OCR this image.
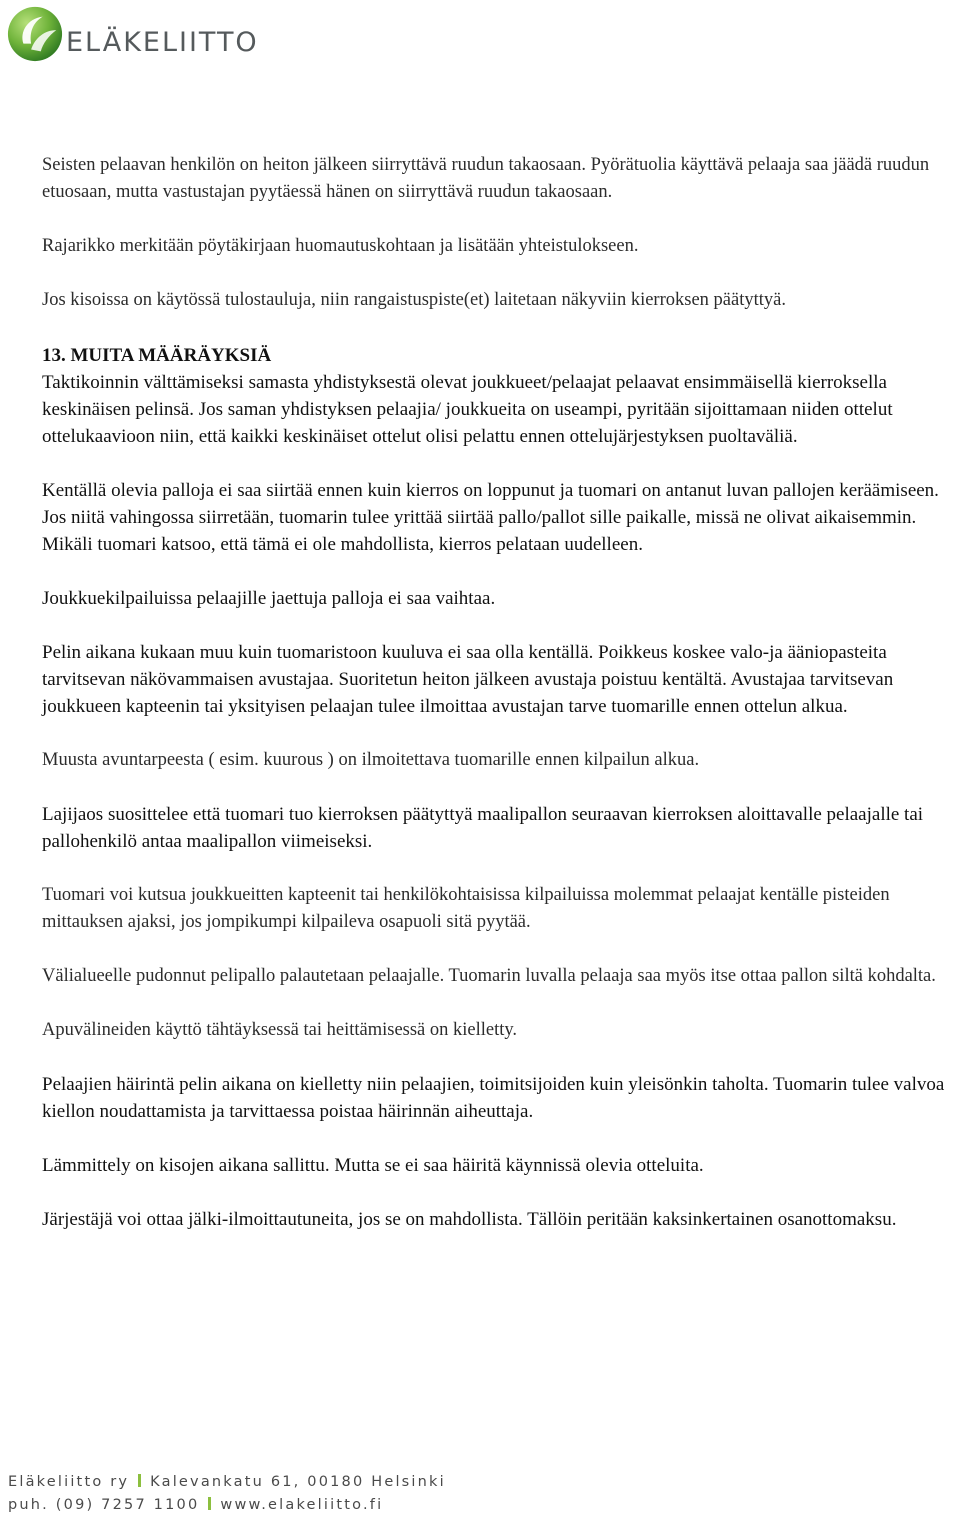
ELÄKELIITTO

Seisten pelaavan henkilön on heiton jälkeen siirryttävä ruudun takaosaan. Pyörätuolia käyttävä pelaaja saa jäädä ruudun etuosaan, mutta vastustajan pyytäessä hänen on siirryttävä ruudun takaosaan.

Rajarikko merkitään pöytäkirjaan huomautuskohtaan ja lisätään yhteistulokseen.

Jos kisoissa on käytössä tulostauluja, niin rangaistuspiste(et) laitetaan näkyviin kierroksen päätyttyä.

13. MUITA MÄÄRÄYKSIÄ

Taktikoinnin välttämiseksi samasta yhdistyksestä olevat joukkueet/pelaajat pelaavat ensimmäisellä kierroksella keskinäisen pelinsä. Jos saman yhdistyksen pelaajia/ joukkueita on useampi, pyritään sijoittamaan niiden ottelut ottelukaavioon niin, että kaikki keskinäiset ottelut olisi pelattu ennen ottelujärjestyksen puoltaväliä.

Kentällä olevia palloja ei saa siirtää ennen kuin kierros on loppunut ja tuomari on antanut luvan pallojen keräämiseen. Jos niitä vahingossa siirretään, tuomarin tulee yrittää siirtää pallo/pallot sille paikalle, missä ne olivat aikaisemmin. Mikäli tuomari katsoo, että tämä ei ole mahdollista, kierros pelataan uudelleen.

Joukkuekilpailuissa pelaajille jaettuja palloja ei saa vaihtaa.

Pelin aikana kukaan muu kuin tuomaristoon kuuluva ei saa olla kentällä. Poikkeus koskee valo-ja ääniopasteita tarvitsevan näkövammaisen avustajaa. Suoritetun heiton jälkeen avustaja poistuu kentältä. Avustajaa tarvitsevan joukkueen kapteenin tai yksityisen pelaajan tulee ilmoittaa avustajan tarve tuomarille ennen ottelun alkua.

Muusta avuntarpeesta ( esim. kuurous ) on ilmoitettava tuomarille ennen kilpailun alkua.

Lajijaos suosittelee että tuomari tuo kierroksen päätyttyä maalipallon seuraavan kierroksen aloittavalle pelaajalle tai pallohenkilö antaa maalipallon viimeiseksi.

Tuomari voi kutsua joukkueitten kapteenit tai henkilökohtaisissa kilpailuissa molemmat pelaajat kentälle pisteiden mittauksen ajaksi, jos jompikumpi kilpaileva osapuoli sitä pyytää.

Välialueelle pudonnut pelipallo palautetaan pelaajalle. Tuomarin luvalla pelaaja saa myös itse ottaa pallon siltä kohdalta.

Apuvälineiden käyttö tähtäyksessä tai heittämisessä on kielletty.

Pelaajien häirintä pelin aikana on kielletty niin pelaajien, toimitsijoiden kuin yleisönkin taholta. Tuomarin tulee valvoa kiellon noudattamista ja tarvittaessa poistaa häirinnän aiheuttaja.

Lämmittely on kisojen aikana sallittu. Mutta se ei saa häiritä käynnissä olevia otteluita.

Järjestäjä voi ottaa jälki-ilmoittautuneita, jos se on mahdollista. Tällöin peritään kaksinkertainen osanottomaksu.

Eläkeliitto ry Kalevankatu 61, 00180 Helsinki
puh. (09) 7257 1100 www.elakeliitto.fi
